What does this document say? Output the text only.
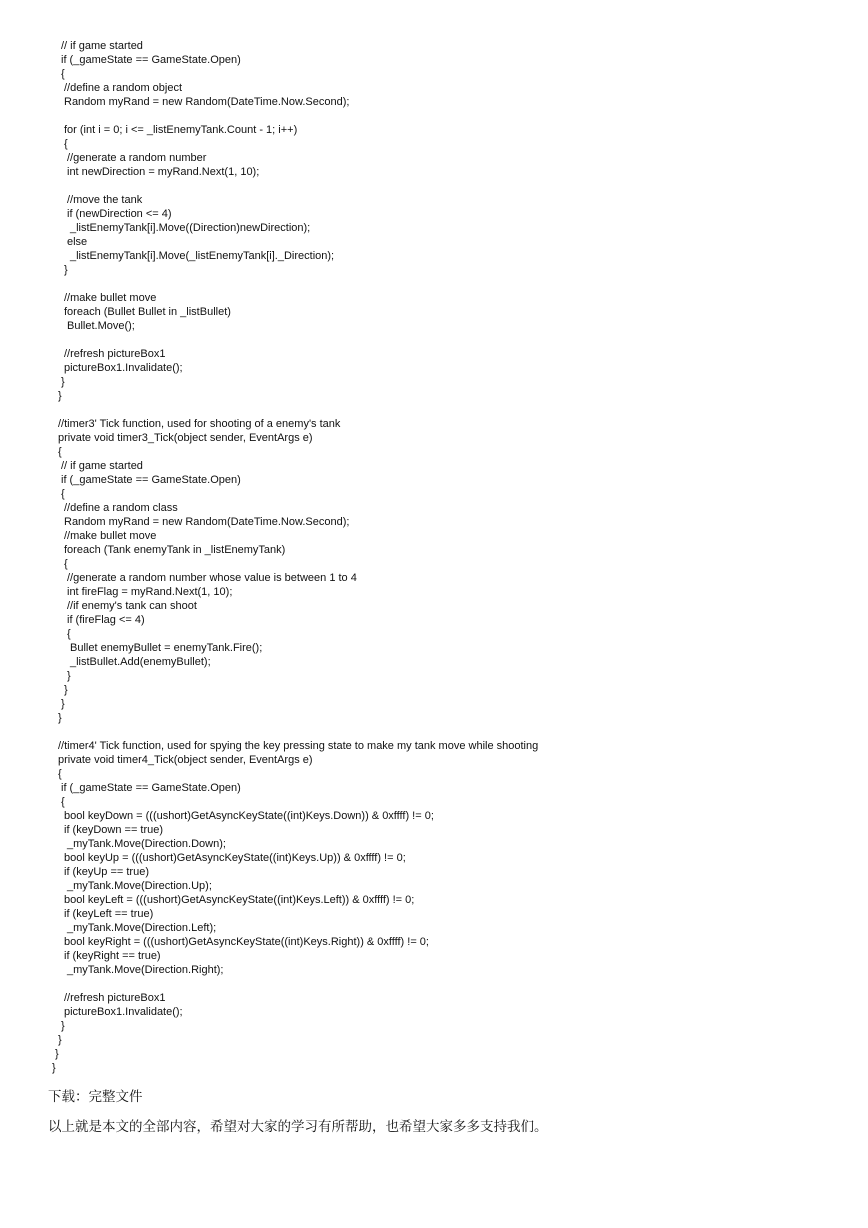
// if game started
if (_gameState == GameState.Open)
{
//define a random object
Random myRand = new Random(DateTime.Now.Second);
for (int i = 0; i <= _listEnemyTank.Count - 1; i++)
{
//generate a random number
int newDirection = myRand.Next(1, 10);
//move the tank
if (newDirection <= 4)
_listEnemyTank[i].Move((Direction)newDirection);
else
_listEnemyTank[i].Move(_listEnemyTank[i]._Direction);
}
//make bullet move
foreach (Bullet Bullet in _listBullet)
Bullet.Move();
//refresh pictureBox1
pictureBox1.Invalidate();
}
}
//timer3' Tick function, used for shooting of a enemy's tank
private void timer3_Tick(object sender, EventArgs e)
{
// if game started
if (_gameState == GameState.Open)
{
//define a random class
Random myRand = new Random(DateTime.Now.Second);
//make bullet move
foreach (Tank enemyTank in _listEnemyTank)
{
//generate a random number whose value is between 1 to 4
int fireFlag = myRand.Next(1, 10);
//if enemy's tank can shoot
if (fireFlag <= 4)
{
Bullet enemyBullet = enemyTank.Fire();
_listBullet.Add(enemyBullet);
}
}
}
}
//timer4' Tick function, used for spying the key pressing state to make my tank move while shooting
private void timer4_Tick(object sender, EventArgs e)
{
if (_gameState == GameState.Open)
{
bool keyDown = (((ushort)GetAsyncKeyState((int)Keys.Down)) & 0xffff) != 0;
if (keyDown == true)
_myTank.Move(Direction.Down);
bool keyUp = (((ushort)GetAsyncKeyState((int)Keys.Up)) & 0xffff) != 0;
if (keyUp == true)
_myTank.Move(Direction.Up);
bool keyLeft = (((ushort)GetAsyncKeyState((int)Keys.Left)) & 0xffff) != 0;
if (keyLeft == true)
_myTank.Move(Direction.Left);
bool keyRight = (((ushort)GetAsyncKeyState((int)Keys.Right)) & 0xffff) != 0;
if (keyRight == true)
_myTank.Move(Direction.Right);
//refresh pictureBox1
pictureBox1.Invalidate();
}
}
}
}
下载：完整文件
以上就是本文的全部内容，希望对大家的学习有所帮助，也希望大家多多支持我们。
